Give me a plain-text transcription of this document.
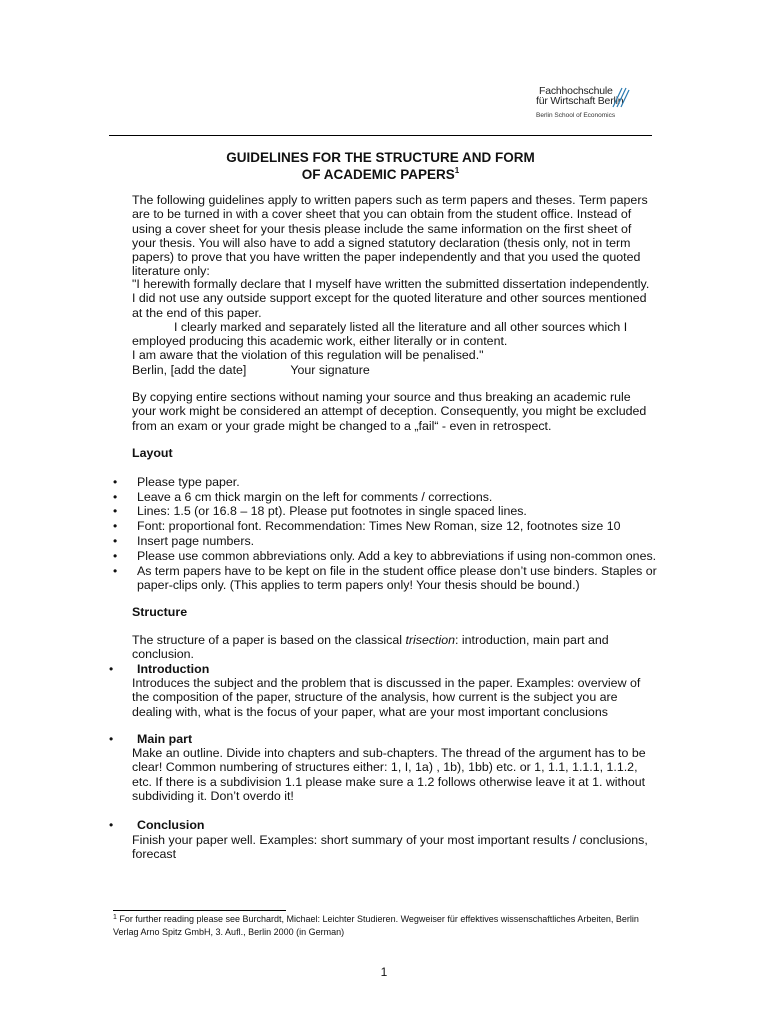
Fachhochschule
für Wirtschaft Berlin
Berlin School of Economics
GUIDELINES FOR THE STRUCTURE AND FORM
OF ACADEMIC PAPERS$^1$
The following guidelines apply to written papers such as term papers and theses. Term papers are to be turned in with a cover sheet that you can obtain from the student office. Instead of using a cover sheet for your thesis please include the same information on the first sheet of your thesis. You will also have to add a signed statutory declaration (thesis only, not in term papers) to prove that you have written the paper independently and that you used the quoted literature only:
"I herewith formally declare that I myself have written the submitted dissertation independently. I did not use any outside support except for the quoted literature and other sources mentioned at the end of this paper.
I clearly marked and separately listed all the literature and all other sources which I employed producing this academic work, either literally or in content.
I am aware that the violation of this regulation will be penalised."
Berlin, [add the date]	Your signature
By copying entire sections without naming your source and thus breaking an academic rule your work might be considered an attempt of deception. Consequently, you might be excluded from an exam or your grade might be changed to a „fail“ - even in retrospect.
Layout
• Please type paper.
• Leave a 6 cm thick margin on the left for comments / corrections.
• Lines: 1.5 (or 16.8 – 18 pt). Please put footnotes in single spaced lines.
• Font: proportional font. Recommendation: Times New Roman, size 12, footnotes size 10
• Insert page numbers.
• Please use common abbreviations only. Add a key to abbreviations if using non-common ones.
• As term papers have to be kept on file in the student office please don’t use binders. Staples or paper-clips only. (This applies to term papers only! Your thesis should be bound.)
Structure
The structure of a paper is based on the classical trisection: introduction, main part and conclusion.
• Introduction
Introduces the subject and the problem that is discussed in the paper. Examples: overview of the composition of the paper, structure of the analysis, how current is the subject you are dealing with, what is the focus of your paper, what are your most important conclusions
• Main part
Make an outline. Divide into chapters and sub-chapters. The thread of the argument has to be clear! Common numbering of structures either: 1, I, 1a) , 1b), 1bb) etc. or 1, 1.1, 1.1.1, 1.1.2, etc. If there is a subdivision 1.1 please make sure a 1.2 follows otherwise leave it at 1. without subdividing it. Don’t overdo it!
• Conclusion
Finish your paper well. Examples: short summary of your most important results / conclusions, forecast
$^1$ For further reading please see Burchardt, Michael: Leichter Studieren. Wegweiser für effektives wissenschaftliches Arbeiten, Berlin Verlag Arno Spitz GmbH, 3. Aufl., Berlin 2000 (in German)
1
